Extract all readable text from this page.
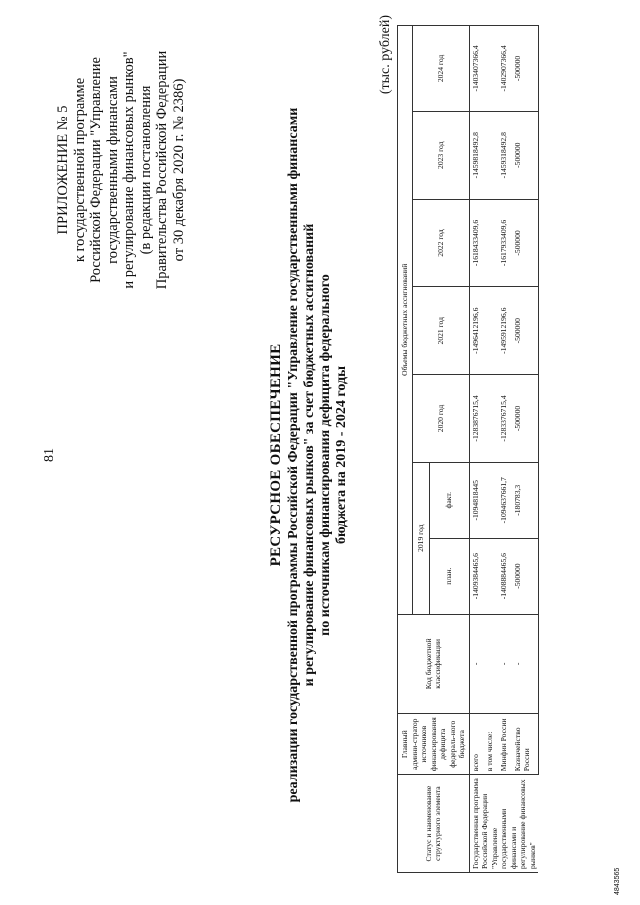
81
ПРИЛОЖЕНИЕ № 5 к государственной программе Российской Федерации "Управление государственными финансами и регулирование финансовых рынков" (в редакции постановления Правительства Российской Федерации от 30 декабря 2020 г. № 2386)
РЕСУРСНОЕ ОБЕСПЕЧЕНИЕ реализации государственной программы Российской Федерации "Управление государственными финансами и регулирование финансовых рынков" за счет бюджетных ассигнований по источникам финансирования дефицита федерального бюджета на 2019 - 2024 годы
(тыс. рублей)
Статус и наименование структурного элемента	Главный админи-стратор источников финансирования дефицита федераль-ного бюджета	Код бюджетной классификации	Объемы бюджетных ассигнований						
			2019 год		2020 год	2021 год	2022 год	2023 год	2024 год
			план.	факт.					
Государственная программа Российской Федерации "Управление государственными финансами и регулирование финансовых рынков"	всего	-	-1409384465,6	-1094818445	-1283876715,4	-1496412196,6	-1618433409,6	-1459818492,8	-1403407366,4
	в том числе:								
	Минфин России	-	-1408884465,6	-1094637661,7	-1283376715,4	-1495912196,6	-1617933409,6	-1459318492,8	-1402907366,4
	Казначейство России	-	-500000	-180783,3	-500000	-500000	-500000	-500000	-500000
4843565
